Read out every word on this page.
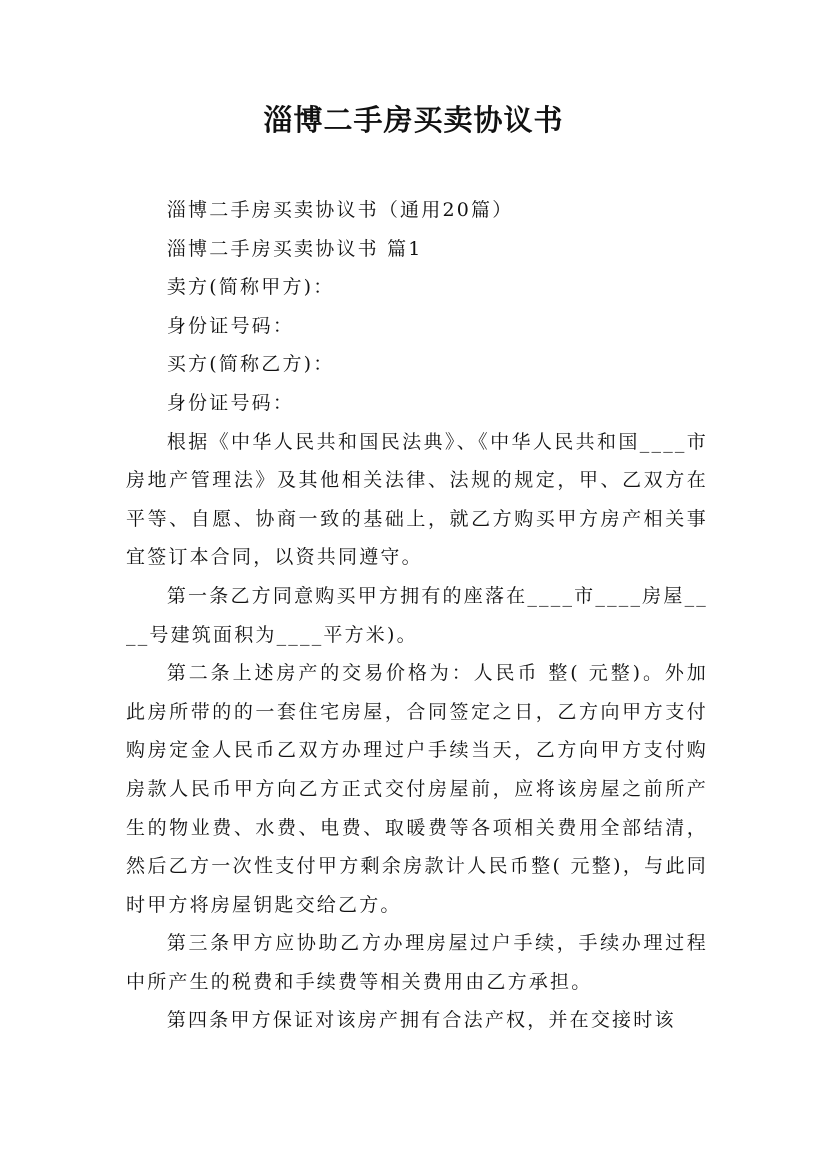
淄博二手房买卖协议书

淄博二手房买卖协议书（通用20篇）

淄博二手房买卖协议书 篇1

卖方(简称甲方)：

身份证号码：

买方(简称乙方)：

身份证号码：

根据《中华人民共和国民法典》、《中华人民共和国____市房地产管理法》及其他相关法律、法规的规定，甲、乙双方在平等、自愿、协商一致的基础上，就乙方购买甲方房产相关事宜签订本合同，以资共同遵守。

第一条乙方同意购买甲方拥有的座落在____市____房屋____号建筑面积为____平方米)。

第二条上述房产的交易价格为：人民币 整( 元整)。外加此房所带的的一套住宅房屋，合同签定之日，乙方向甲方支付购房定金人民币乙双方办理过户手续当天，乙方向甲方支付购房款人民币甲方向乙方正式交付房屋前，应将该房屋之前所产生的物业费、水费、电费、取暖费等各项相关费用全部结清，然后乙方一次性支付甲方剩余房款计人民币整( 元整)，与此同时甲方将房屋钥匙交给乙方。

第三条甲方应协助乙方办理房屋过户手续，手续办理过程中所产生的税费和手续费等相关费用由乙方承担。

第四条甲方保证对该房产拥有合法产权，并在交接时该
